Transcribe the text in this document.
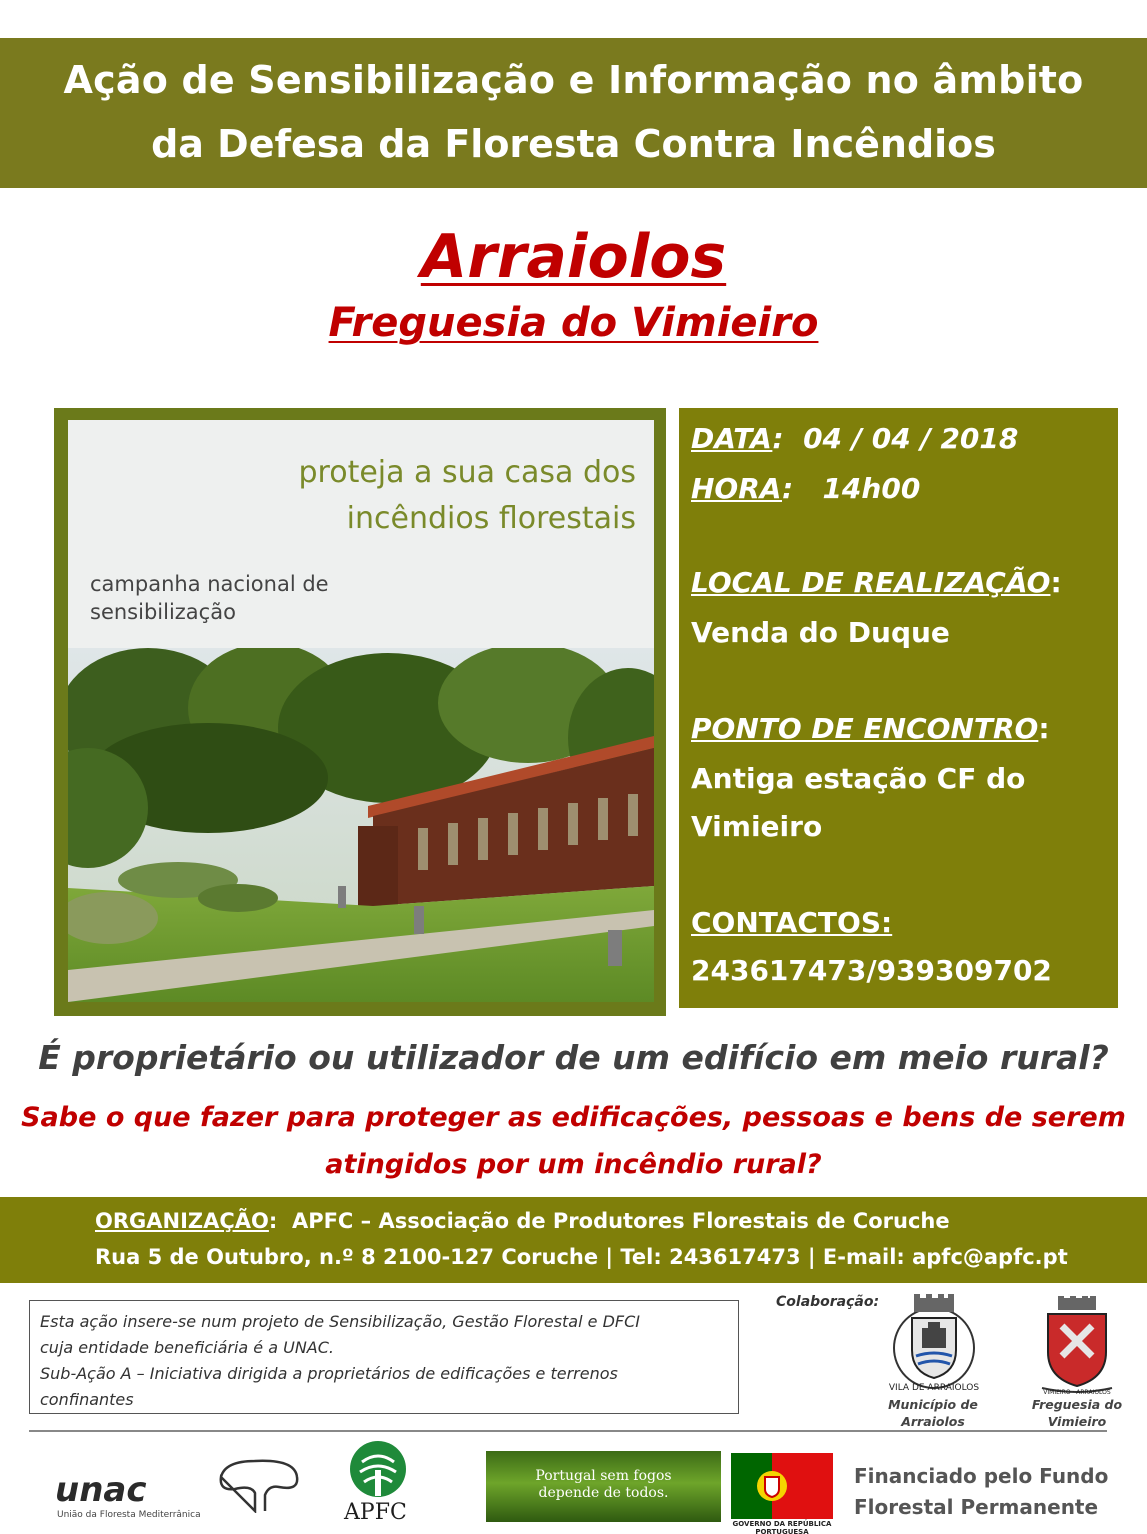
Ação de Sensibilização e Informação no âmbito
da Defesa da Floresta Contra Incêndios
Arraiolos
Freguesia do Vimieiro
proteja a sua casa dos
incêndios florestais
campanha nacional de
sensibilização
DATA:  04 / 04 / 2018
HORA:   14h00
LOCAL DE REALIZAÇÃO:
Venda do Duque
PONTO DE ENCONTRO:
Antiga estação CF do
Vimieiro
CONTACTOS:
243617473/939309702
É proprietário ou utilizador de um edifício em meio rural?
Sabe o que fazer para proteger as edificações, pessoas e bens de serem
atingidos por um incêndio rural?
ORGANIZAÇÃO:  APFC – Associação de Produtores Florestais de Coruche
Rua 5 de Outubro, n.º 8 2100-127 Coruche | Tel: 243617473 | E-mail: apfc@apfc.pt
Esta ação insere-se num projeto de Sensibilização, Gestão Florestal e DFCI
cuja entidade beneficiária é a UNAC.
Sub-Ação A – Iniciativa dirigida a proprietários de edificações e terrenos
confinantes
Colaboração:
VILA DE ARRAIOLOS
Município de
Arraiolos
VIMIEIRO · ARRAIOLOS
Freguesia do
Vimieiro
unac
União da Floresta Mediterrânica	APFC
Portugal sem fogos
depende de todos.
GOVERNO DA REPÚBLICA
PORTUGUESA
Financiado pelo Fundo
Florestal Permanente
